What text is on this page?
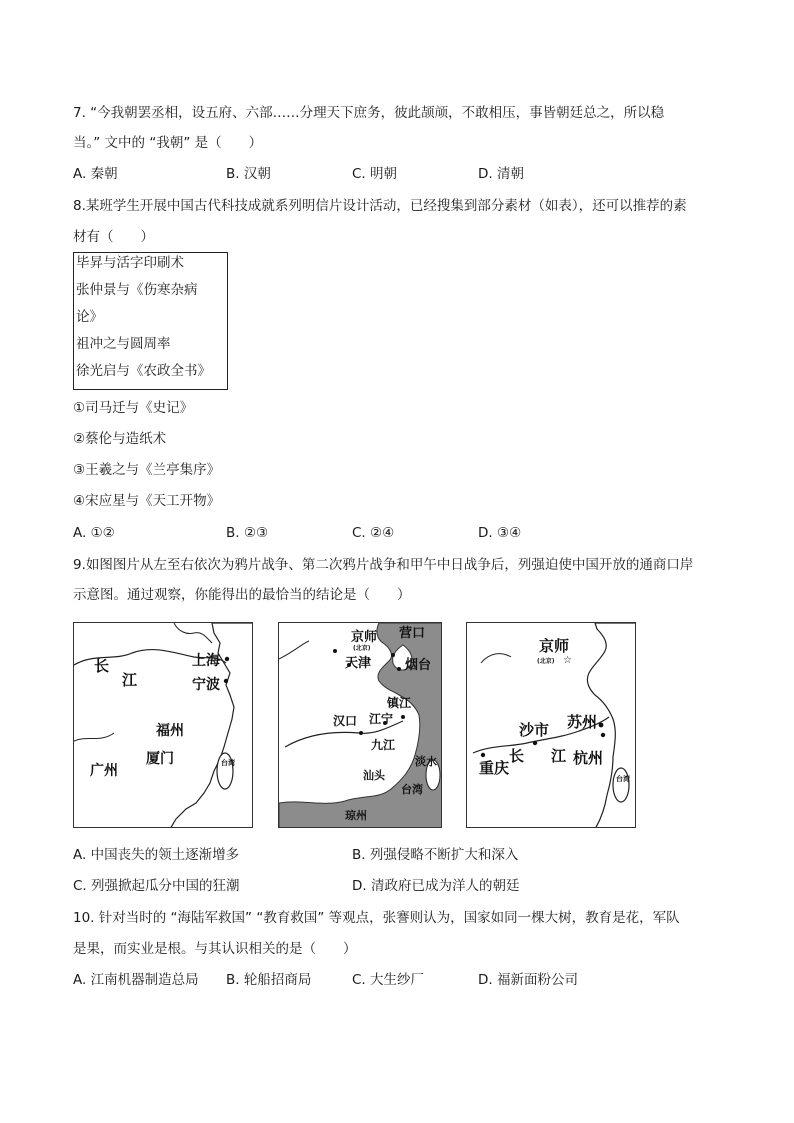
7. “今我朝罢丞相，设五府、六部……分理天下庶务，彼此颉颃，不敢相压，事皆朝廷总之，所以稳
当。” 文中的 “我朝” 是（　　）
A. 秦朝	B. 汉朝	C. 明朝	D. 清朝
8.某班学生开展中国古代科技成就系列明信片设计活动，已经搜集到部分素材（如表），还可以推荐的素
材有（　　）
毕昇与活字印刷术
张仲景与《伤寒杂病
论》
祖冲之与圆周率
徐光启与《农政全书》
①司马迁与《史记》
②蔡伦与造纸术
③王羲之与《兰亭集序》
④宋应星与《天工开物》
A. ①②	B. ②③	C. ②④	D. ③④
9.如图图片从左至右依次为鸦片战争、第二次鸦片战争和甲午中日战争后，列强迫使中国开放的通商口岸
示意图。通过观察，你能得出的最恰当的结论是（　　）
长
江
上海
宁波
福州
厦门
广州	台湾
京师
(北京)
营口
天津	烟台
镇江
汉口 江宁
九江
淡水
汕头
台湾
琼州
京师
(北京) ☆
苏州
沙市
长 江
重庆
杭州
台湾
A. 中国丧失的领土逐渐增多	B. 列强侵略不断扩大和深入
C. 列强掀起瓜分中国的狂潮	D. 清政府已成为洋人的朝廷
10. 针对当时的 “海陆军救国” “教育救国” 等观点，张謇则认为，国家如同一棵大树，教育是花，军队
是果，而实业是根。与其认识相关的是（　　）
A. 江南机器制造总局 B. 轮船招商局	C. 大生纱厂	D. 福新面粉公司
